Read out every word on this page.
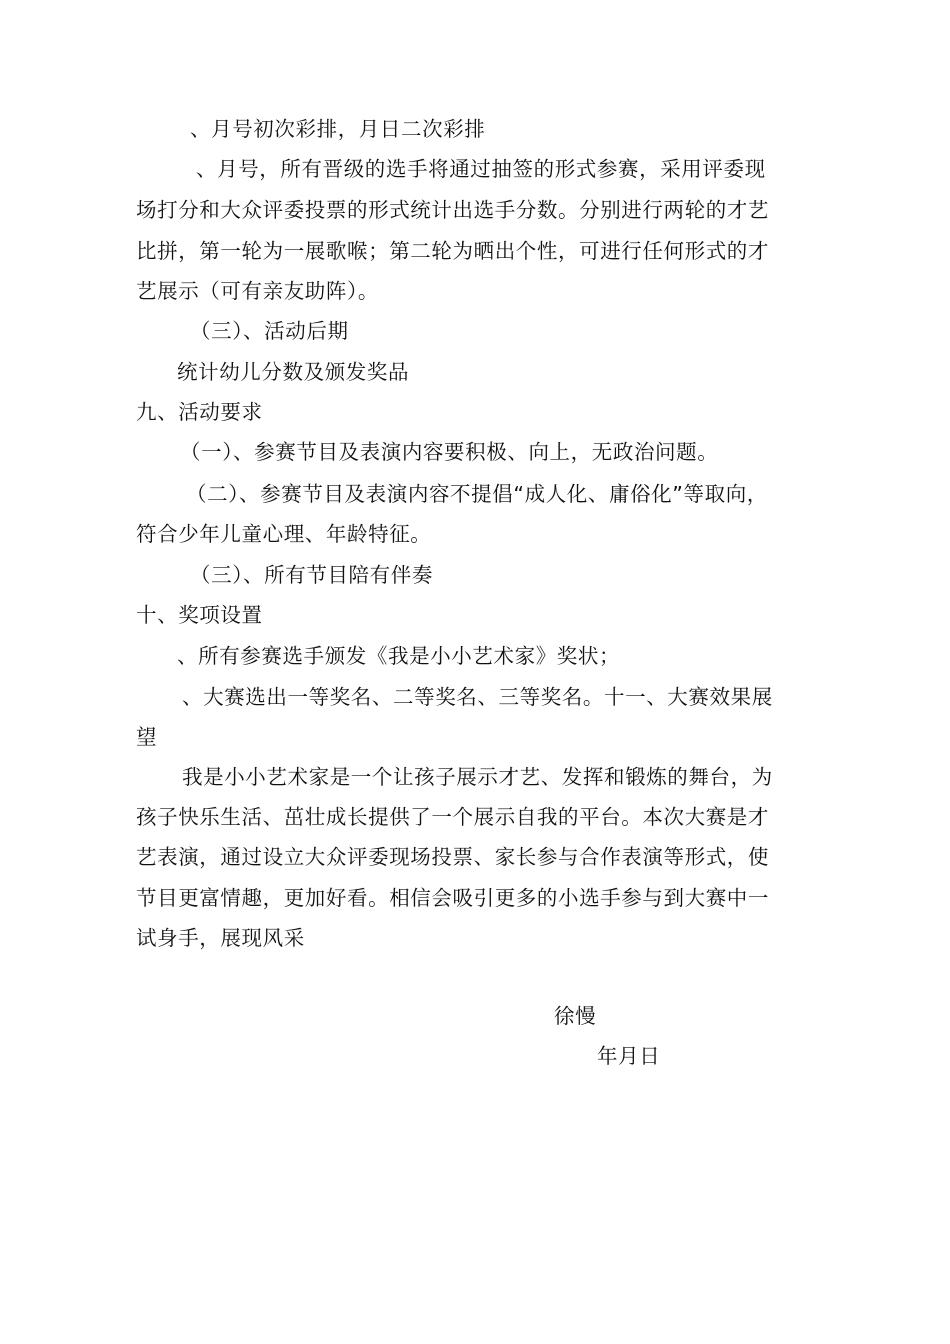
、月号初次彩排，月日二次彩排
、月号，所有晋级的选手将通过抽签的形式参赛，采用评委现
场打分和大众评委投票的形式统计出选手分数。分别进行两轮的才艺
比拼，第一轮为一展歌喉；第二轮为晒出个性，可进行任何形式的才
艺展示（可有亲友助阵）。
（三）、活动后期
统计幼儿分数及颁发奖品
九、活动要求
（一）、参赛节目及表演内容要积极、向上，无政治问题。
（二）、参赛节目及表演内容不提倡“成人化、庸俗化”等取向，
符合少年儿童心理、年龄特征。
（三）、所有节目陪有伴奏
十、奖项设置
、所有参赛选手颁发《我是小小艺术家》奖状；
、大赛选出一等奖名、二等奖名、三等奖名。十一、大赛效果展
望
我是小小艺术家是一个让孩子展示才艺、发挥和锻炼的舞台，为
孩子快乐生活、茁壮成长提供了一个展示自我的平台。本次大赛是才
艺表演，通过设立大众评委现场投票、家长参与合作表演等形式，使
节目更富情趣，更加好看。相信会吸引更多的小选手参与到大赛中一
试身手，展现风采
徐慢
年月日
